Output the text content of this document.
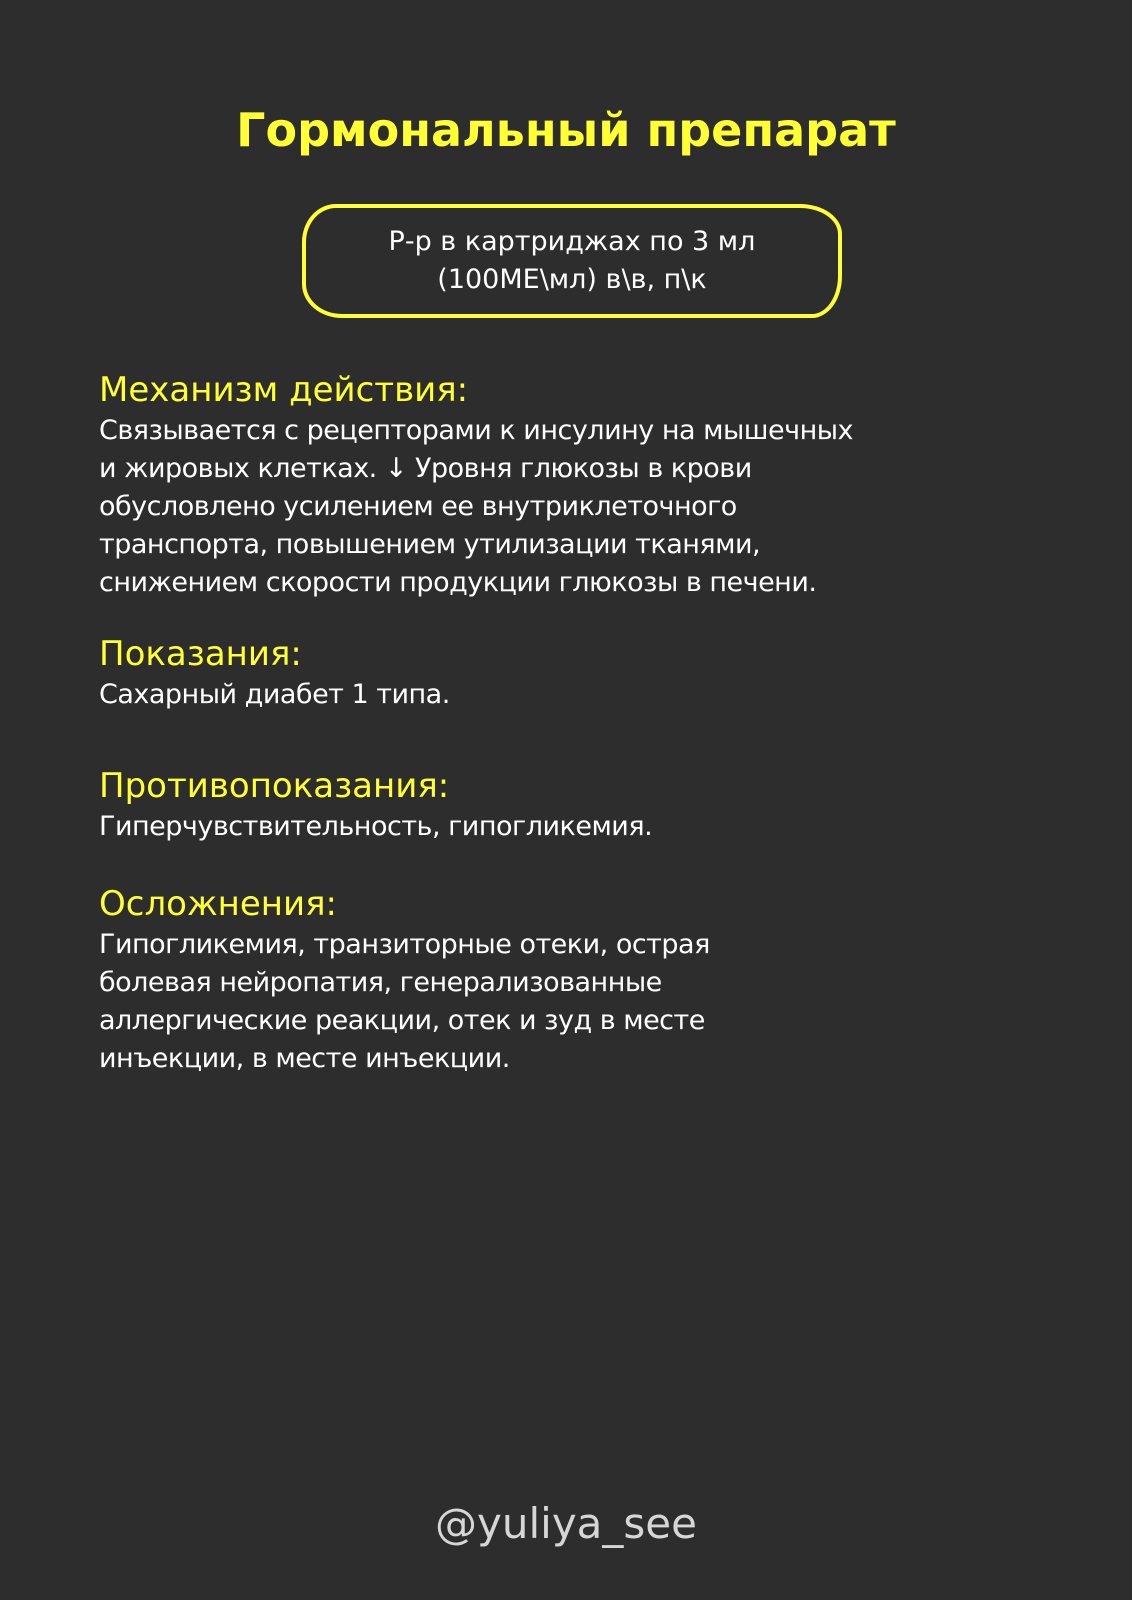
Гормональный препарат
Р-р в картриджах по 3 мл
(100МЕ\мл) в\в, п\к
Механизм действия:
Связывается с рецепторами к инсулину на мышечных
и жировых клетках. ↓ Уровня глюкозы в крови
обусловлено усилением ее внутриклеточного
транспорта, повышением утилизации тканями,
снижением скорости продукции глюкозы в печени.
Показания:
Сахарный диабет 1 типа.
Противопоказания:
Гиперчувствительность, гипогликемия.
Осложнения:
Гипогликемия, транзиторные отеки, острая
болевая нейропатия, генерализованные
аллергические реакции, отек и зуд в месте
инъекции, в месте инъекции.
@yuliya_see
